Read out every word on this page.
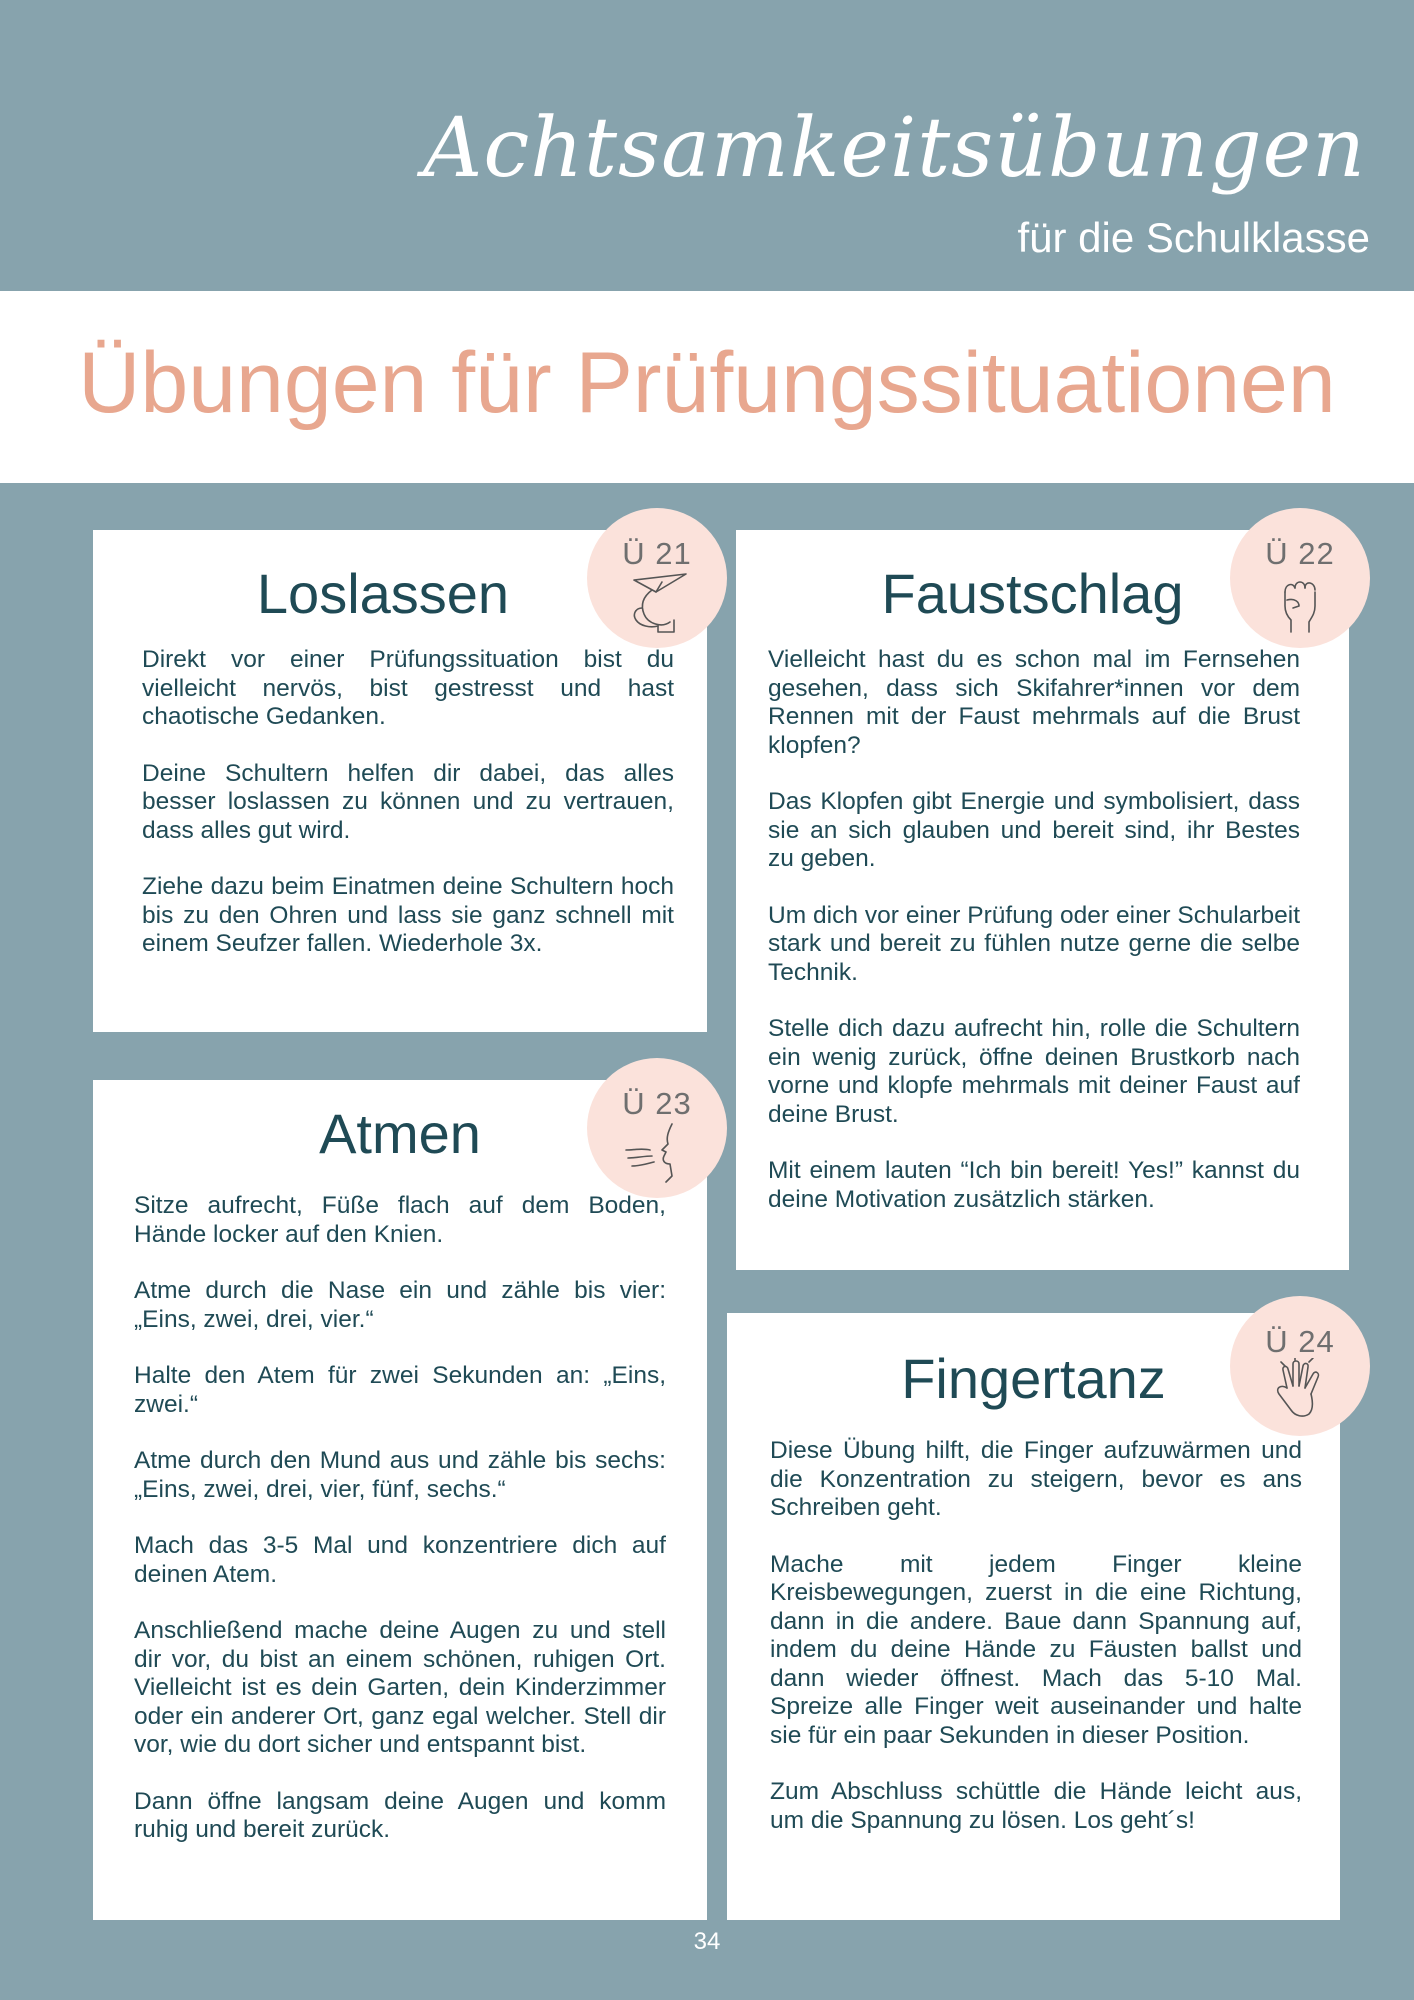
Achtsamkeitsübungen
für die Schulklasse
Übungen für Prüfungssituationen
Loslassen

Direkt vor einer Prüfungssituation bist du vielleicht nervös, bist gestresst und hast chaotische Gedanken.

Deine Schultern helfen dir dabei, das alles besser loslassen zu können und zu vertrauen, dass alles gut wird.

Ziehe dazu beim Einatmen deine Schultern hoch bis zu den Ohren und lass sie ganz schnell mit einem Seufzer fallen. Wiederhole 3x.

Ü 21
Faustschlag

Vielleicht hast du es schon mal im Fernsehen gesehen, dass sich Skifahrer*innen vor dem Rennen mit der Faust mehrmals auf die Brust klopfen?

Das Klopfen gibt Energie und symbolisiert, dass sie an sich glauben und bereit sind, ihr Bestes zu geben.

Um dich vor einer Prüfung oder einer Schularbeit stark und bereit zu fühlen nutze gerne die selbe Technik.

Stelle dich dazu aufrecht hin, rolle die Schultern ein wenig zurück, öffne deinen Brustkorb nach vorne und klopfe mehrmals mit deiner Faust auf deine Brust.

Mit einem lauten “Ich bin bereit! Yes!” kannst du deine Motivation zusätzlich stärken.

Ü 22
Atmen

Sitze aufrecht, Füße flach auf dem Boden, Hände locker auf den Knien.

Atme durch die Nase ein und zähle bis vier: „Eins, zwei, drei, vier.“

Halte den Atem für zwei Sekunden an: „Eins, zwei.“

Atme durch den Mund aus und zähle bis sechs: „Eins, zwei, drei, vier, fünf, sechs.“

Mach das 3-5 Mal und konzentriere dich auf deinen Atem.

Anschließend mache deine Augen zu und stell dir vor, du bist an einem schönen, ruhigen Ort. Vielleicht ist es dein Garten, dein Kinderzimmer oder ein anderer Ort, ganz egal welcher. Stell dir vor, wie du dort sicher und entspannt bist.

Dann öffne langsam deine Augen und komm ruhig und bereit zurück.

Ü 23
Fingertanz

Diese Übung hilft, die Finger aufzuwärmen und die Konzentration zu steigern, bevor es ans Schreiben geht.

Mache mit jedem Finger kleine Kreisbewegungen, zuerst in die eine Richtung, dann in die andere. Baue dann Spannung auf, indem du deine Hände zu Fäusten ballst und dann wieder öffnest. Mach das 5-10 Mal. Spreize alle Finger weit auseinander und halte sie für ein paar Sekunden in dieser Position.

Zum Abschluss schüttle die Hände leicht aus, um die Spannung zu lösen. Los geht´s!

Ü 24
34
